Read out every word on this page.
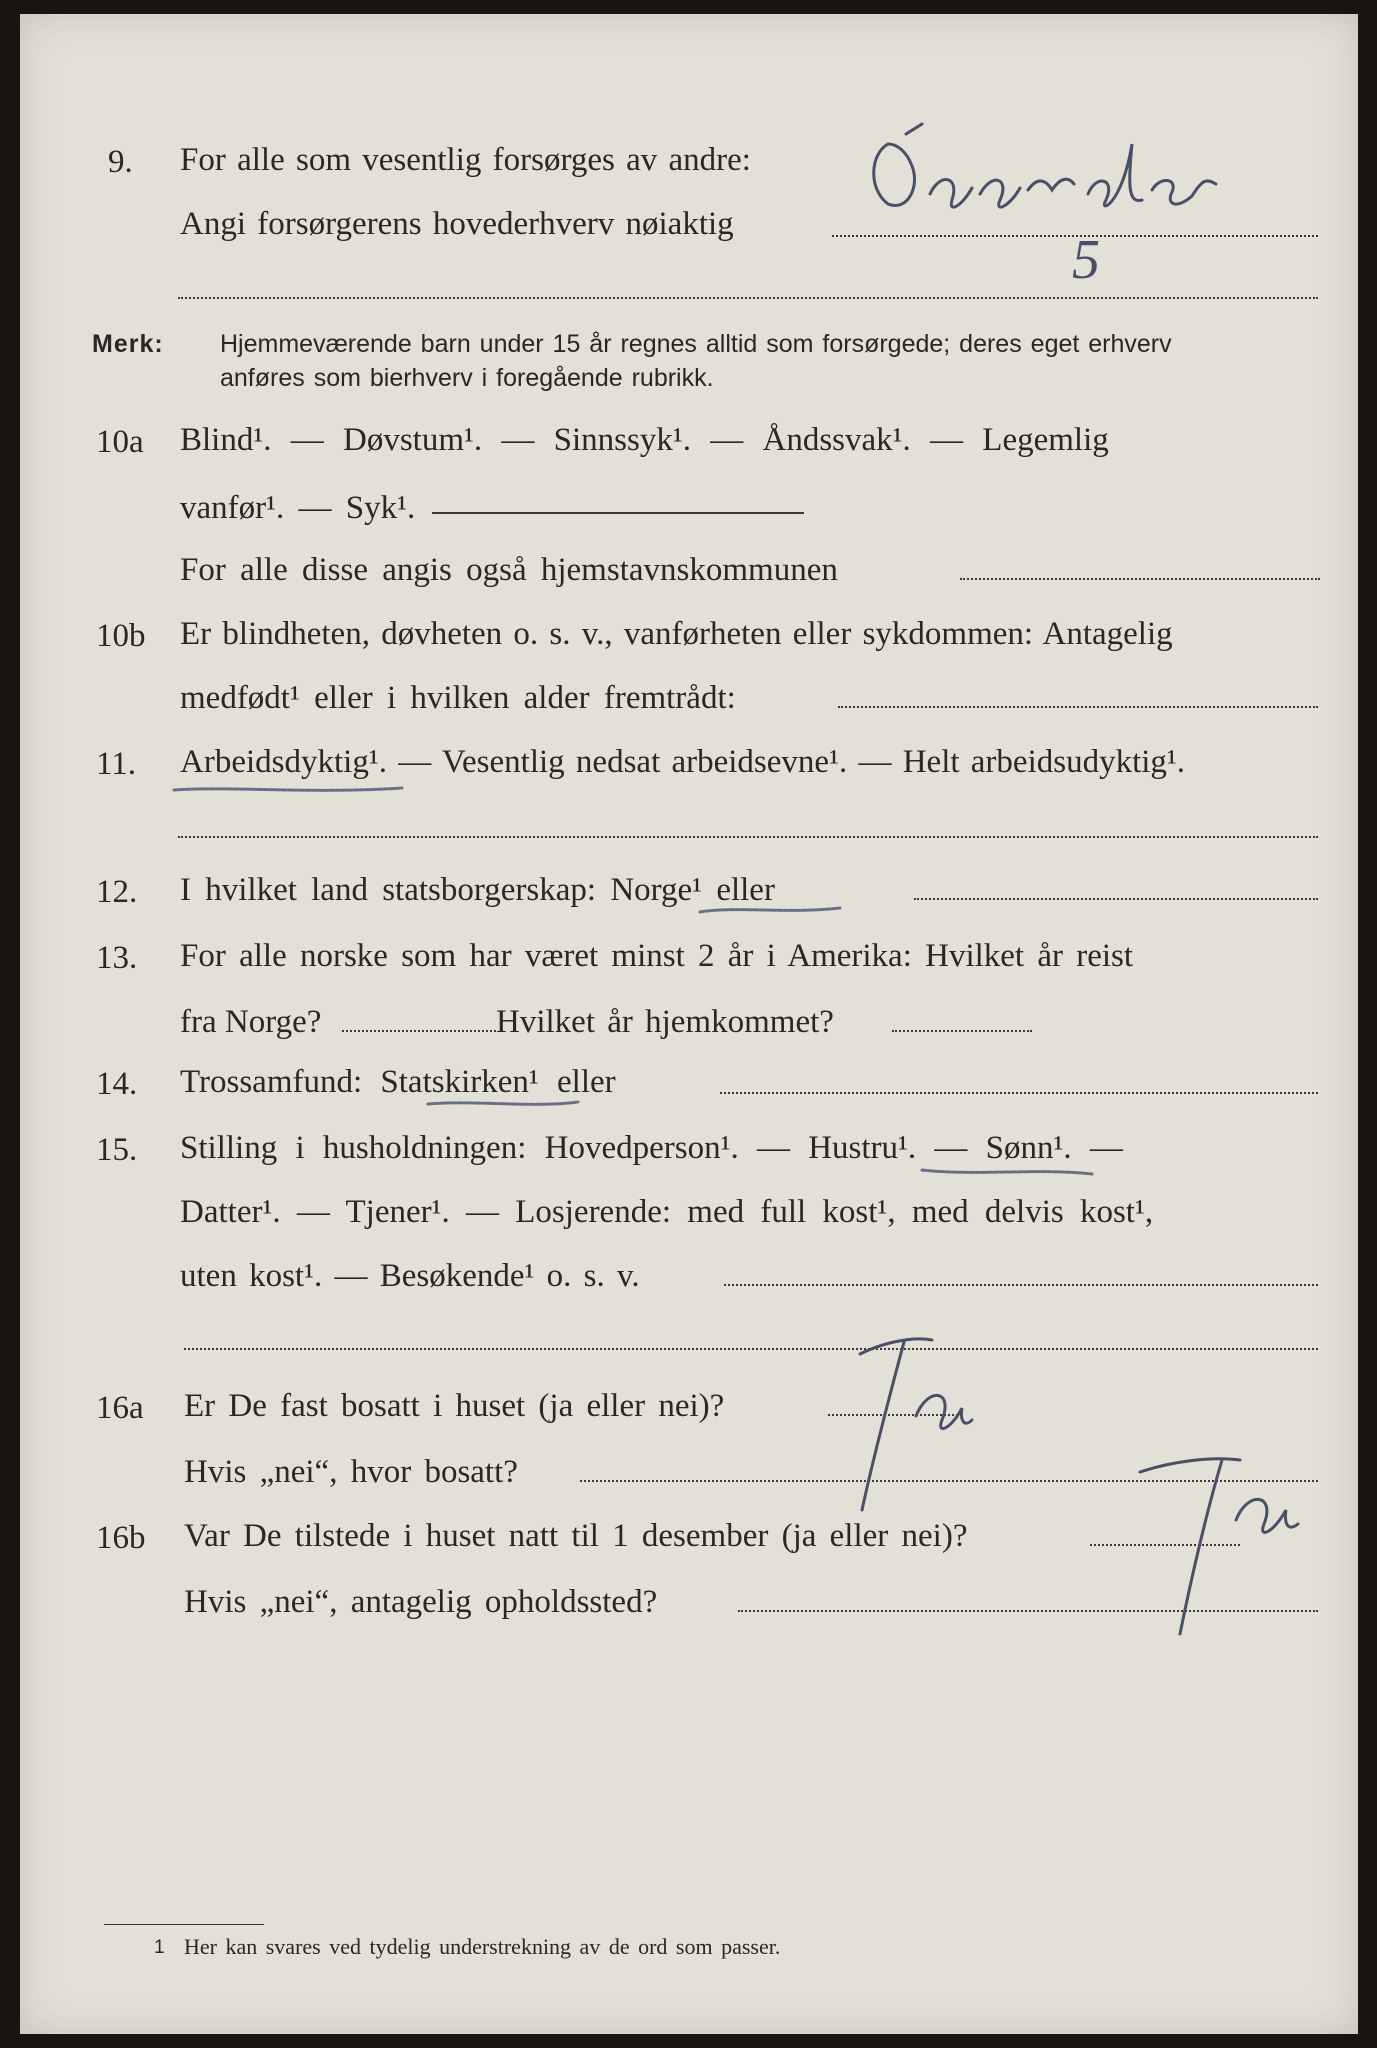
9. For alle som vesentlig forsørges av andre:
Angi forsørgerens hovederhverv nøiaktig
5
Merk: Hjemmeværende barn under 15 år regnes alltid som forsørgede; deres eget erhverv
anføres som bierhverv i foregående rubrikk.
10a Blind¹. — Døvstum¹. — Sinnssyk¹. — Åndssvak¹. — Legemlig
vanfør¹. — Syk¹.
For alle disse angis også hjemstavnskommunen
10b Er blindheten, døvheten o. s. v., vanførheten eller sykdommen: Antagelig
medfødt¹ eller i hvilken alder fremtrådt:
11. Arbeidsdyktig¹. — Vesentlig nedsat arbeidsevne¹. — Helt arbeidsudyktig¹.
12. I hvilket land statsborgerskap: Norge¹ eller
13. For alle norske som har været minst 2 år i Amerika: Hvilket år reist
fra Norge?	Hvilket år hjemkommet?
14. Trossamfund: Statskirken¹ eller
15. Stilling i husholdningen: Hovedperson¹. — Hustru¹. — Sønn¹. —
Datter¹. — Tjener¹. — Losjerende: med full kost¹, med delvis kost¹,
uten kost¹. — Besøkende¹ o. s. v.
16a Er De fast bosatt i huset (ja eller nei)?
Hvis „nei“, hvor bosatt?
16b Var De tilstede i huset natt til 1 desember (ja eller nei)?
Hvis „nei“, antagelig opholdssted?
1 Her kan svares ved tydelig understrekning av de ord som passer.
